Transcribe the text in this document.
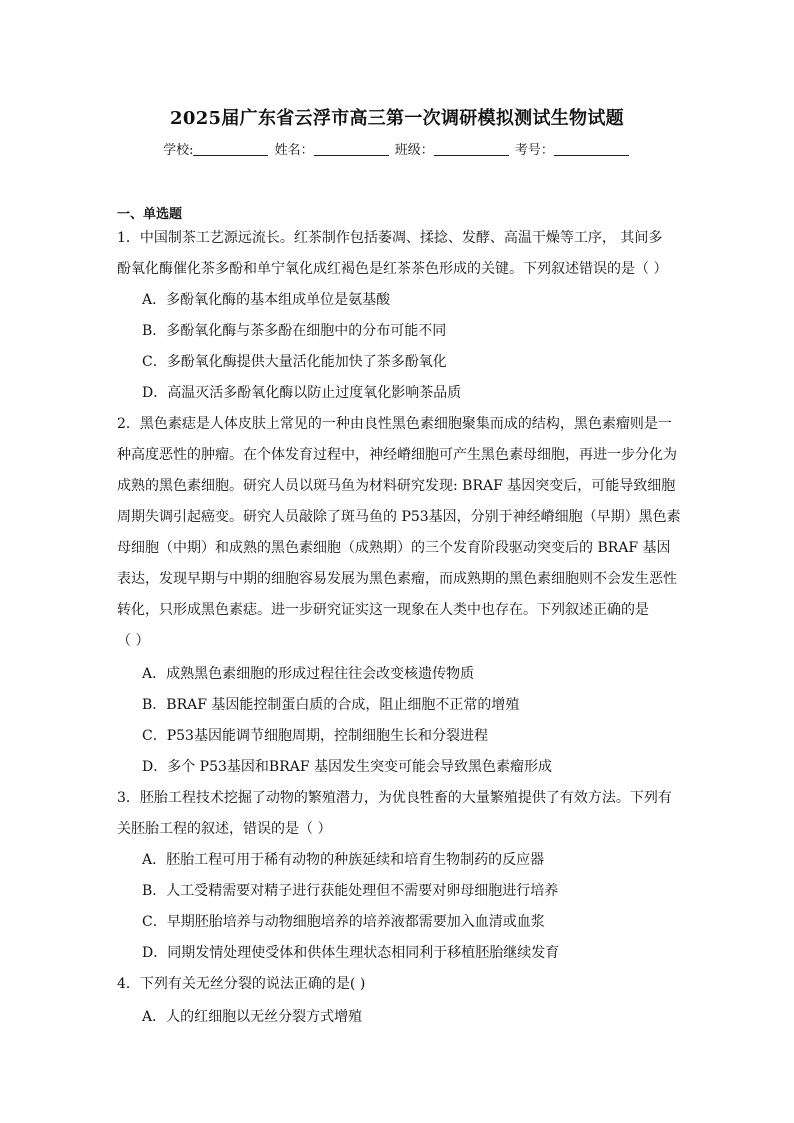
2025届广东省云浮市高三第一次调研模拟测试生物试题
学校:	姓名：	班级：	考号：
一、单选题
1．中国制茶工艺源远流长。红茶制作包括萎凋、揉捻、发酵、高温干燥等工序， 其间多
酚氧化酶催化茶多酚和单宁氧化成红褐色是红茶茶色形成的关键。下列叙述错误的是（ ）
A．多酚氧化酶的基本组成单位是氨基酸
B．多酚氧化酶与茶多酚在细胞中的分布可能不同
C．多酚氧化酶提供大量活化能加快了茶多酚氧化
D．高温灭活多酚氧化酶以防止过度氧化影响茶品质
2．黑色素痣是人体皮肤上常见的一种由良性黑色素细胞聚集而成的结构，黑色素瘤则是一
种高度恶性的肿瘤。在个体发育过程中，神经嵴细胞可产生黑色素母细胞，再进一步分化为
成熟的黑色素细胞。研究人员以斑马鱼为材料研究发现: BRAF 基因突变后，可能导致细胞
周期失调引起癌变。研究人员敲除了斑马鱼的 P53基因，分别于神经嵴细胞（早期）黑色素
母细胞（中期）和成熟的黑色素细胞（成熟期）的三个发育阶段驱动突变后的 BRAF 基因
表达，发现早期与中期的细胞容易发展为黑色素瘤，而成熟期的黑色素细胞则不会发生恶性
转化，只形成黑色素痣。进一步研究证实这一现象在人类中也存在。下列叙述正确的是
（ ）
A．成熟黑色素细胞的形成过程往往会改变核遗传物质
B．BRAF 基因能控制蛋白质的合成，阻止细胞不正常的增殖
C．P53基因能调节细胞周期，控制细胞生长和分裂进程
D．多个 P53基因和BRAF 基因发生突变可能会导致黑色素瘤形成
3．胚胎工程技术挖掘了动物的繁殖潜力，为优良牲畜的大量繁殖提供了有效方法。下列有
关胚胎工程的叙述，错误的是（ ）
A．胚胎工程可用于稀有动物的种族延续和培育生物制药的反应器
B．人工受精需要对精子进行获能处理但不需要对卵母细胞进行培养
C．早期胚胎培养与动物细胞培养的培养液都需要加入血清或血浆
D．同期发情处理使受体和供体生理状态相同利于移植胚胎继续发育
4．下列有关无丝分裂的说法正确的是( )
A．人的红细胞以无丝分裂方式增殖
